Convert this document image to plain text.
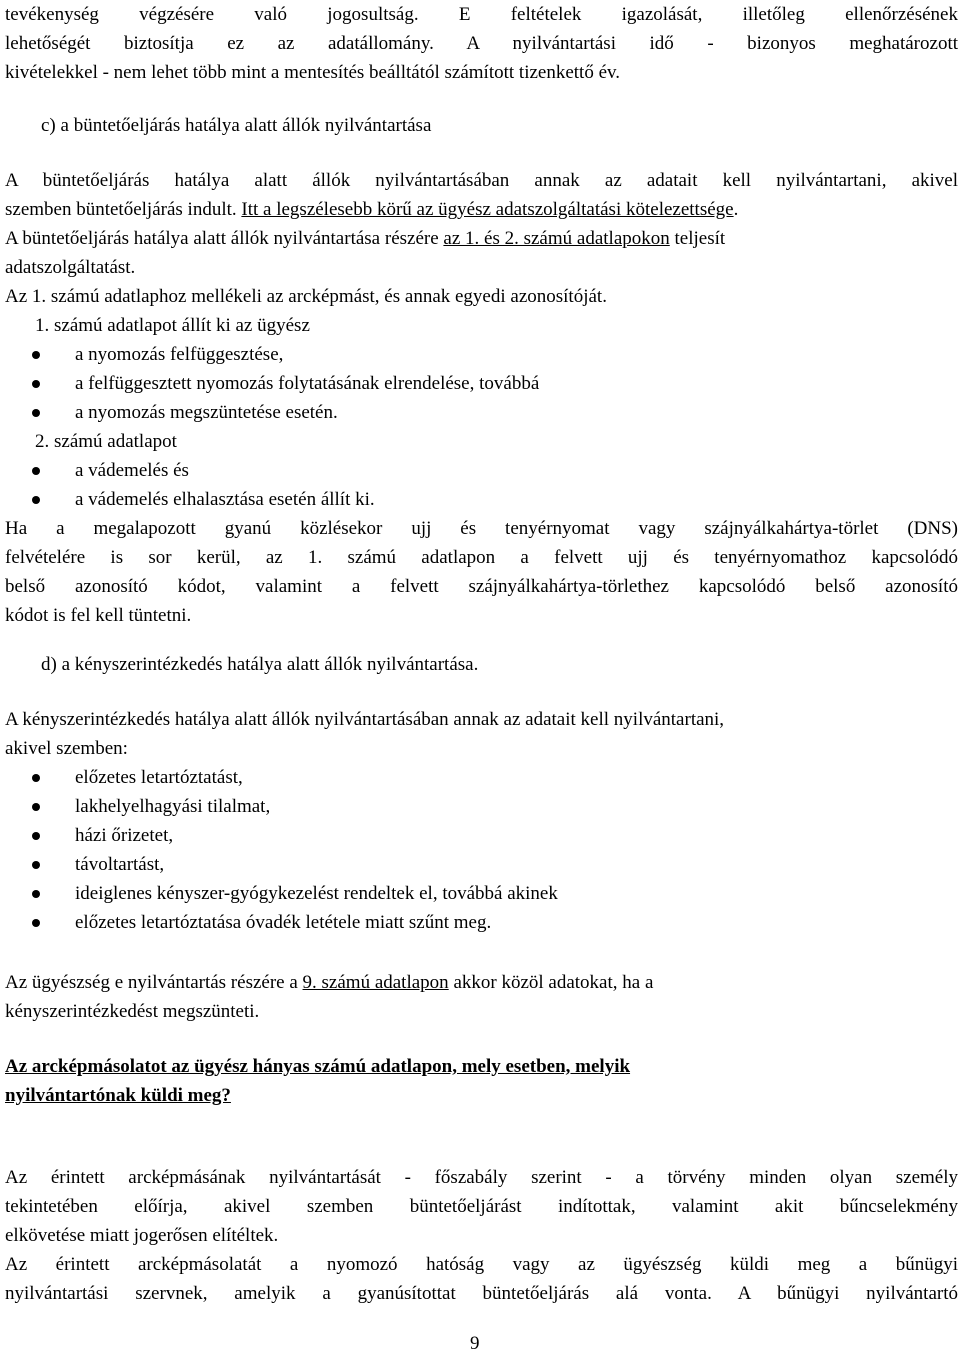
tevékenység végzésére való jogosultság. E feltételek igazolását, illetőleg ellenőrzésének

lehetőségét biztosítja ez az adatállomány. A nyilvántartási idő - bizonyos meghatározott

kivételekkel - nem lehet több mint a mentesítés beálltától számított tizenkettő év.

c) a büntetőeljárás hatálya alatt állók nyilvántartása

A büntetőeljárás hatálya alatt állók nyilvántartásában annak az adatait kell nyilvántartani, akivel

szemben büntetőeljárás indult. Itt a legszélesebb körű az ügyész adatszolgáltatási kötelezettsége.

A büntetőeljárás hatálya alatt állók nyilvántartása részére az 1. és 2. számú adatlapokon teljesít

adatszolgáltatást.

Az 1. számú adatlaphoz mellékeli az arcképmást, és annak egyedi azonosítóját.

1. számú adatlapot állít ki az ügyész

a nyomozás felfüggesztése,
a felfüggesztett nyomozás folytatásának elrendelése, továbbá
a nyomozás megszüntetése esetén.

2. számú adatlapot

a vádemelés és
a vádemelés elhalasztása esetén állít ki.

Ha a megalapozott gyanú közlésekor ujj és tenyérnyomat vagy szájnyálkahártya-törlet (DNS)

felvételére is sor kerül, az 1. számú adatlapon a felvett ujj és tenyérnyomathoz kapcsolódó

belső azonosító kódot, valamint a felvett szájnyálkahártya-törlethez kapcsolódó belső azonosító

kódot is fel kell tüntetni.

d) a kényszerintézkedés hatálya alatt állók nyilvántartása.

A kényszerintézkedés hatálya alatt állók nyilvántartásában annak az adatait kell nyilvántartani,

akivel szemben:

előzetes letartóztatást,
lakhelyelhagyási tilalmat,
házi őrizetet,
távoltartást,
ideiglenes kényszer-gyógykezelést rendeltek el, továbbá akinek
előzetes letartóztatása óvadék letétele miatt szűnt meg.

Az ügyészség e nyilvántartás részére a 9. számú adatlapon akkor közöl adatokat, ha a

kényszerintézkedést megszünteti.

Az arcképmásolatot az ügyész hányas számú adatlapon, mely esetben, melyik

nyilvántartónak küldi meg?

Az érintett arcképmásának nyilvántartását - főszabály szerint - a törvény minden olyan személy

tekintetében előírja, akivel szemben büntetőeljárást indítottak, valamint akit bűncselekmény

elkövetése miatt jogerősen elítéltek.

Az érintett arcképmásolatát a nyomozó hatóság vagy az ügyészség küldi meg a bűnügyi

nyilvántartási szervnek, amelyik a gyanúsítottat büntetőeljárás alá vonta. A bűnügyi nyilvántartó

9
